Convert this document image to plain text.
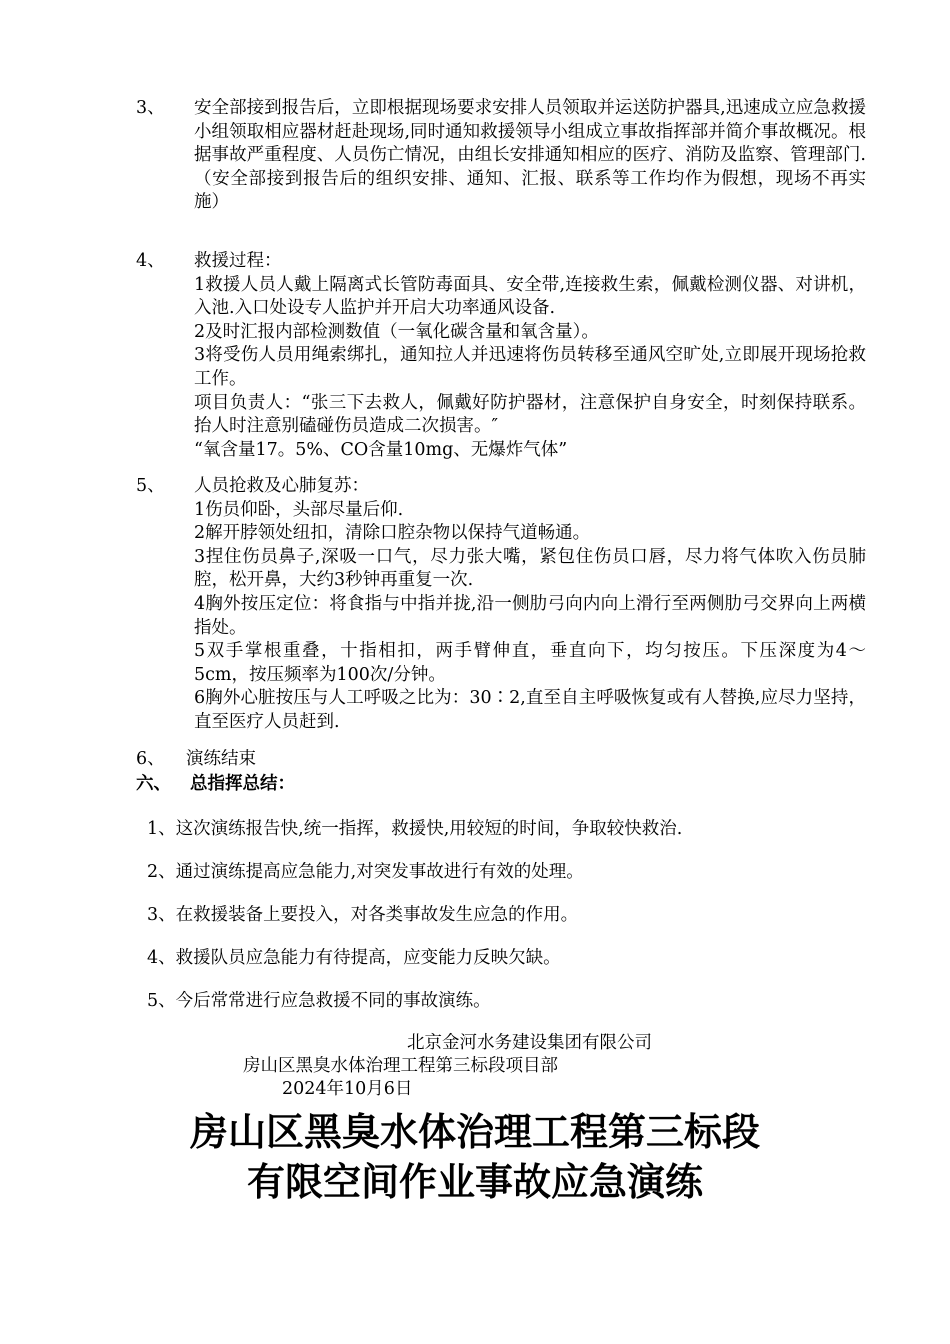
3、 安全部接到报告后，立即根据现场要求安排人员领取并运送防护器具,迅速成立应急救援小组领取相应器材赶赴现场,同时通知救援领导小组成立事故指挥部并简介事故概况。根据事故严重程度、人员伤亡情况，由组长安排通知相应的医疗、消防及监察、管理部门.（安全部接到报告后的组织安排、通知、汇报、联系等工作均作为假想，现场不再实施）

4、 救援过程：

1救援人员人戴上隔离式长管防毒面具、安全带,连接救生索，佩戴检测仪器、对讲机，入池.入口处设专人监护并开启大功率通风设备.

2及时汇报内部检测数值（一氧化碳含量和氧含量）。

3将受伤人员用绳索绑扎，通知拉人并迅速将伤员转移至通风空旷处,立即展开现场抢救工作。

项目负责人：“张三下去救人，佩戴好防护器材，注意保护自身安全，时刻保持联系。抬人时注意别磕碰伤员造成二次损害。″

“氧含量17。5%、CO含量10mg、无爆炸气体”

5、 人员抢救及心肺复苏：

1伤员仰卧，头部尽量后仰.

2解开脖领处纽扣，清除口腔杂物以保持气道畅通。

3捏住伤员鼻子,深吸一口气，尽力张大嘴，紧包住伤员口唇，尽力将气体吹入伤员肺腔，松开鼻，大约3秒钟再重复一次.

4胸外按压定位：将食指与中指并拢,沿一侧肋弓向内向上滑行至两侧肋弓交界向上两横指处。

5双手掌根重叠，十指相扣，两手臂伸直，垂直向下，均匀按压。下压深度为4～5cm，按压频率为100次/分钟。

6胸外心脏按压与人工呼吸之比为：30∶2,直至自主呼吸恢复或有人替换,应尽力坚持，直至医疗人员赶到.

6、 演练结束

六、 总指挥总结：
1、这次演练报告快,统一指挥，救援快,用较短的时间，争取较快救治.
2、通过演练提高应急能力,对突发事故进行有效的处理。
3、在救援装备上要投入，对各类事故发生应急的作用。
4、救援队员应急能力有待提高，应变能力反映欠缺。
5、今后常常进行应急救援不同的事故演练。
北京金河水务建设集团有限公司
房山区黑臭水体治理工程第三标段项目部
2024年10月6日
房山区黑臭水体治理工程第三标段
有限空间作业事故应急演练
